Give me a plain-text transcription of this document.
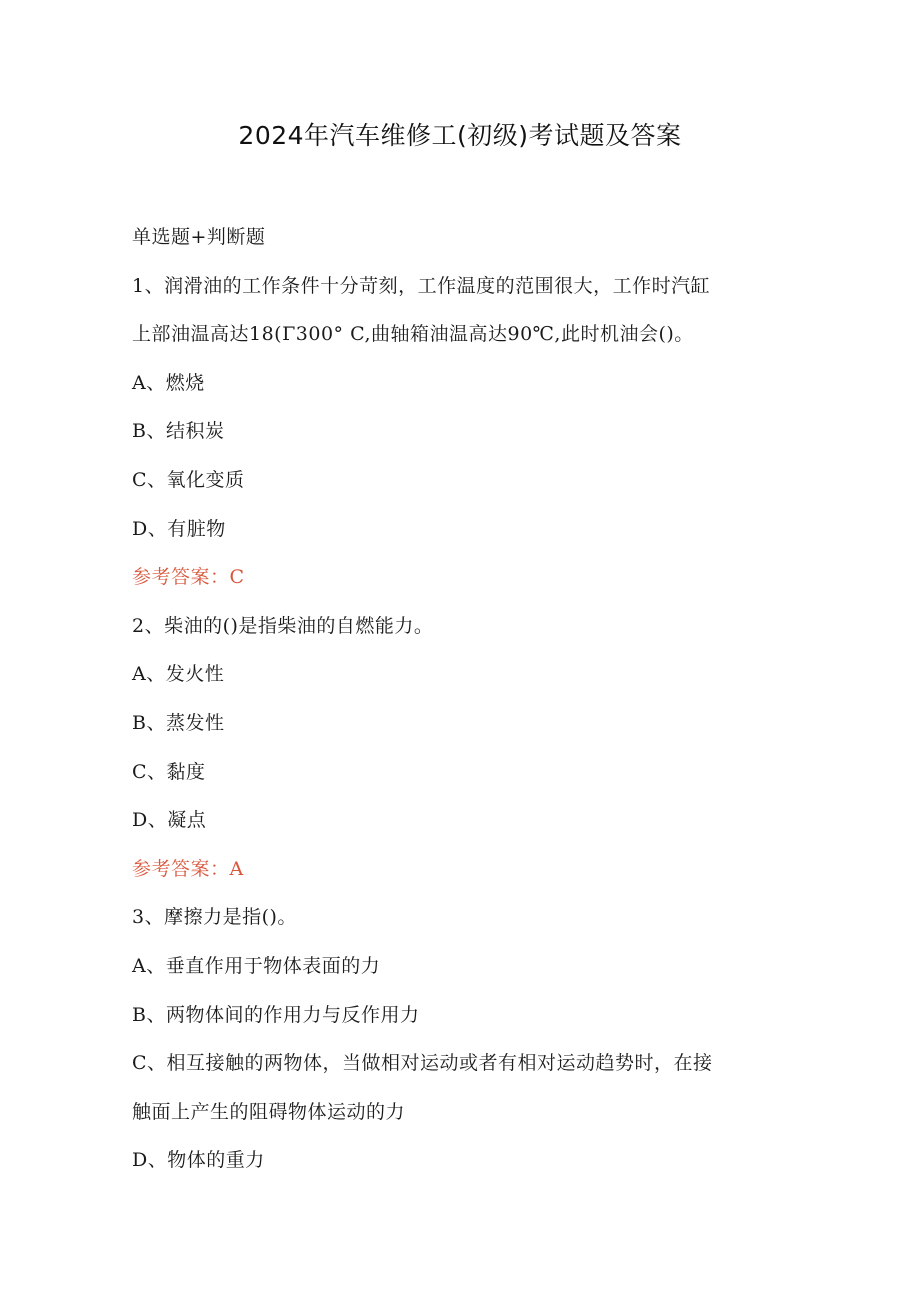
2024年汽车维修工(初级)考试题及答案
单选题+判断题
1、润滑油的工作条件十分苛刻，工作温度的范围很大，工作时汽缸
上部油温高达18(Γ300° C,曲轴箱油温高达90℃,此时机油会()。
A、燃烧
B、结积炭
C、氧化变质
D、有脏物
参考答案：C
2、柴油的()是指柴油的自燃能力。
A、发火性
B、蒸发性
C、黏度
D、凝点
参考答案：A
3、摩擦力是指()。
A、垂直作用于物体表面的力
B、两物体间的作用力与反作用力
C、相互接触的两物体，当做相对运动或者有相对运动趋势时，在接
触面上产生的阻碍物体运动的力
D、物体的重力
